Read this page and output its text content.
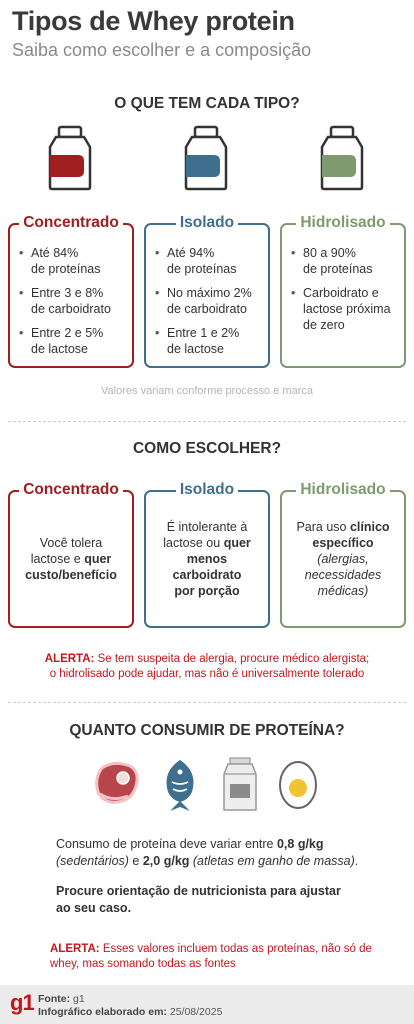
Tipos de Whey protein
Saiba como escolher e a composição
O QUE TEM CADA TIPO?
Concentrado
• Até 84%
de proteínas
• Entre 3 e 8%
de carboidrato
• Entre 2 e 5%
de lactose
Isolado
• Até 94%
de proteínas
• No máximo 2%
de carboidrato
• Entre 1 e 2%
de lactose
Hidrolisado
• 80 a 90%
de proteínas
• Carboidrato e
lactose próxima
de zero
Valores variam conforme processo e marca
COMO ESCOLHER?
Concentrado
Você tolera
lactose e quer
custo/benefício
Isolado
É intolerante à
lactose ou quer
menos carboidrato
por porção
Hidrolisado
Para uso clínico
específico
(alergias,
necessidades
médicas)
ALERTA: Se tem suspeita de alergia, procure médico alergista;
o hidrolisado pode ajudar, mas não é universalmente tolerado
QUANTO CONSUMIR DE PROTEÍNA?
Consumo de proteína deve variar entre 0,8 g/kg
(sedentários) e 2,0 g/kg (atletas em ganho de massa).
Procure orientação de nutricionista para ajustar ao seu caso.
ALERTA: Esses valores incluem todas as proteínas, não só de
whey, mas somando todas as fontes
g1 Fonte: g1
Infográfico elaborado em: 25/08/2025
